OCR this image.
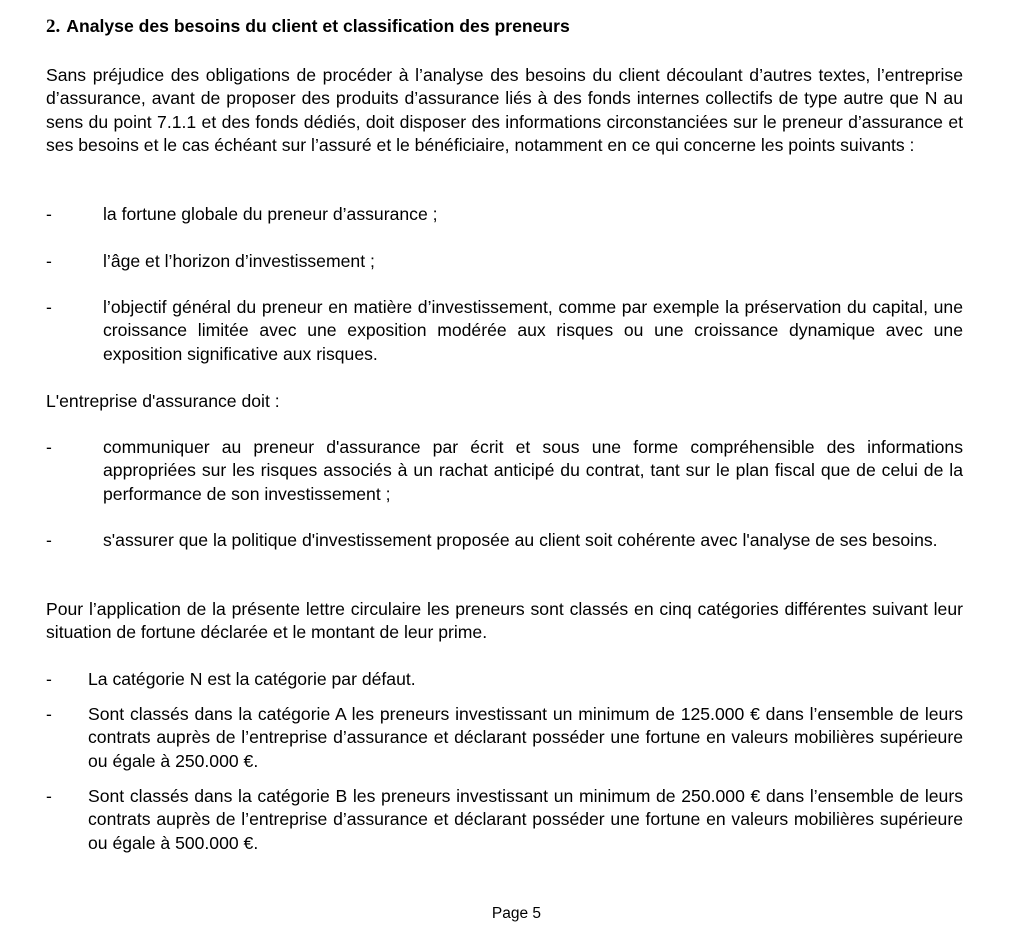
2. Analyse des besoins du client et classification des preneurs
Sans préjudice des obligations de procéder à l’analyse des besoins du client découlant d’autres textes, l’entreprise d’assurance, avant de proposer des produits d’assurance liés à des fonds internes collectifs de type autre que N au sens du point 7.1.1 et des fonds dédiés, doit disposer des informations circonstanciées sur le preneur d’assurance et ses besoins et le cas échéant sur l’assuré et le bénéficiaire, notamment en ce qui concerne les points suivants :
-	la fortune globale du preneur d’assurance ;
-	l’âge et l’horizon d’investissement ;
-	l’objectif général du preneur en matière d’investissement, comme par exemple la préservation du capital, une croissance limitée avec une exposition modérée aux risques ou une croissance dynamique avec une exposition significative aux risques.
L'entreprise d'assurance doit :
-	communiquer au preneur d'assurance par écrit et sous une forme compréhensible des informations appropriées sur les risques associés à un rachat anticipé du contrat, tant sur le plan fiscal que de celui de la performance de son investissement ;
-	s'assurer que la politique d'investissement proposée au client soit cohérente avec l'analyse de ses besoins.
Pour l’application de la présente lettre circulaire les preneurs sont classés en cinq catégories différentes suivant leur situation de fortune déclarée et le montant de leur prime.
- La catégorie N est la catégorie par défaut.
- Sont classés dans la catégorie A les preneurs investissant un minimum de 125.000 € dans l’ensemble de leurs contrats auprès de l’entreprise d’assurance et déclarant posséder une fortune en valeurs mobilières supérieure ou égale à 250.000 €.
- Sont classés dans la catégorie B les preneurs investissant un minimum de 250.000 € dans l’ensemble de leurs contrats auprès de l’entreprise d’assurance et déclarant posséder une fortune en valeurs mobilières supérieure ou égale à 500.000 €.
Page 5
